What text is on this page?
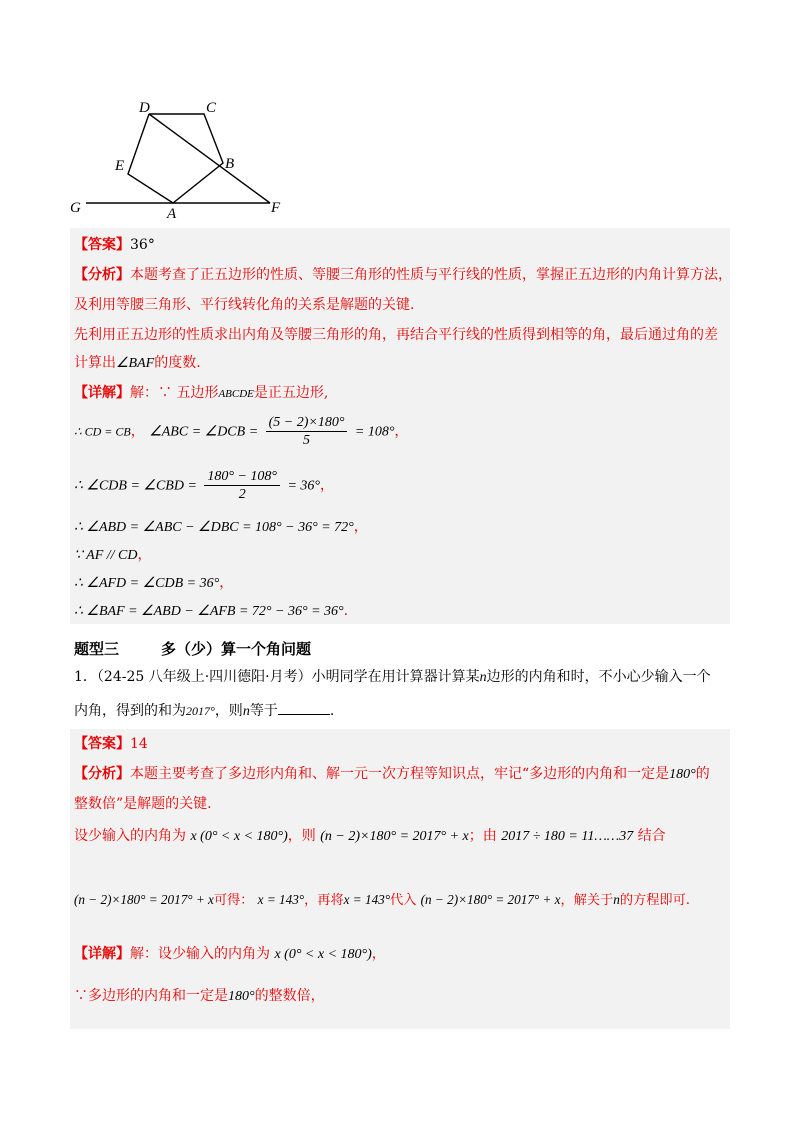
D	C
E	B
G	A	F
【答案】36°
【分析】本题考查了正五边形的性质、等腰三角形的性质与平行线的性质，掌握正五边形的内角计算方法，
及利用等腰三角形、平行线转化角的关系是解题的关键.
先利用正五边形的性质求出内角及等腰三角形的角，再结合平行线的性质得到相等的角，最后通过角的差
计算出∠BAF的度数.
【详解】解：∵ 五边形ABCDE是正五边形,
∴ CD = CB， ∠ABC = ∠DCB = $\frac{(5 - 2)\times 180^\circ}{5} = 108^\circ$，
∴ ∠CDB = ∠CBD = $\frac{180^\circ - 108^\circ}{2} = 36^\circ$，
∴ ∠ABD = ∠ABC − ∠DBC = 108° − 36° = 72°，
∵ AF // CD，
∴ ∠AFD = ∠CDB = 36°，
∴ ∠BAF = ∠ABD − ∠AFB = 72° − 36° = 36°.
题型三	多（少）算一个角问题
1．（24-25 八年级上·四川德阳·月考）小明同学在用计算器计算某n边形的内角和时，不小心少输入一个
内角，得到的和为2017°，则n等于	.
【答案】14
【分析】本题主要考查了多边形内角和、解一元一次方程等知识点，牢记“多边形的内角和一定是180°的
整数倍”是解题的关键.
设少输入的内角为 x (0° < x < 180°)，则 (n − 2)×180° = 2017° + x；由 2017 ÷ 180 = 11……37 结合
(n − 2)×180° = 2017° + x可得： x = 143°，再将x = 143°代入 (n − 2)×180° = 2017° + x，解关于n的方程即可.
【详解】解：设少输入的内角为 x (0° < x < 180°)，
∵多边形的内角和一定是180°的整数倍，
